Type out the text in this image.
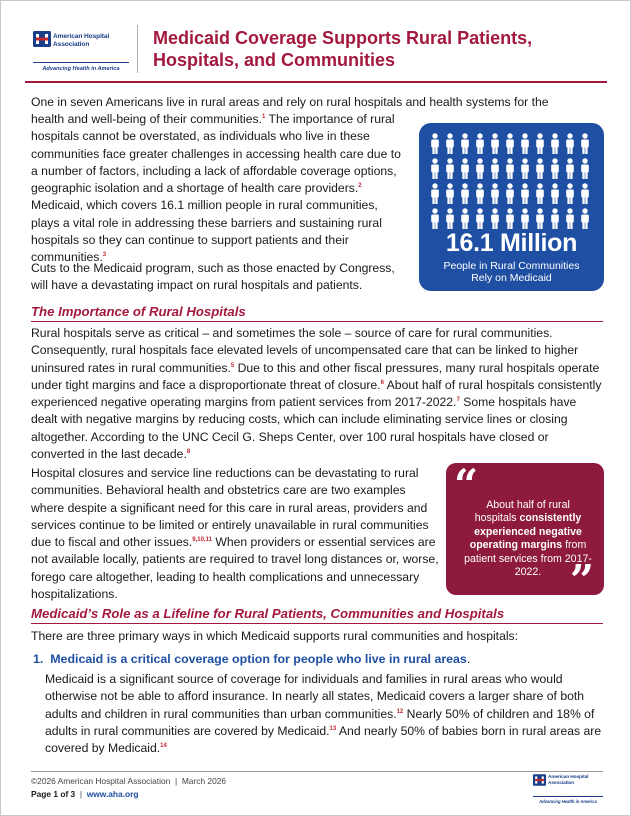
American Hospital
Association
Advancing Health in America
Medicaid Coverage Supports Rural Patients,
Hospitals, and Communities
One in seven Americans live in rural areas and rely on rural hospitals and health systems for the
health and well-being of their communities.$^1$ The importance of rural hospitals cannot be overstated, as individuals who live in these communities face greater challenges in accessing health care due to a number of factors, including a lack of affordable coverage options, geographic isolation and a shortage of health care providers.$^2$ Medicaid, which covers 16.1 million people in rural communities, plays a vital role in addressing these barriers and sustaining rural hospitals so they can continue to support patients and their communities.$^3$
Cuts to the Medicaid program, such as those enacted by Congress, will have a devastating impact on rural hospitals and patients.
16.1 Million
People in Rural Communities
Rely on Medicaid
The Importance of Rural Hospitals
Rural hospitals serve as critical – and sometimes the sole – source of care for rural communities. Consequently, rural hospitals face elevated levels of uncompensated care that can be linked to higher uninsured rates in rural communities.$^5$ Due to this and other fiscal pressures, many rural hospitals operate under tight margins and face a disproportionate threat of closure.$^6$ About half of rural hospitals consistently experienced negative operating margins from patient services from 2017-2022.$^7$ Some hospitals have dealt with negative margins by reducing costs, which can include eliminating service lines or closing altogether. According to the UNC Cecil G. Sheps Center, over 100 rural hospitals have closed or converted in the last decade.$^8$
Hospital closures and service line reductions can be devastating to rural communities. Behavioral health and obstetrics care are two examples where despite a significant need for this care in rural areas, providers and services continue to be limited or entirely unavailable in rural communities due to fiscal and other issues.$^{9,10,11}$ When providers or essential services are not available locally, patients are required to travel long distances or, worse, forego care altogether, leading to health complications and unnecessary hospitalizations.
“ About half of rural hospitals consistently experienced negative operating margins from patient services from 2017-2022. ”
Medicaid’s Role as a Lifeline for Rural Patients, Communities and Hospitals
There are three primary ways in which Medicaid supports rural communities and hospitals:
1. Medicaid is a critical coverage option for people who live in rural areas.
Medicaid is a significant source of coverage for individuals and families in rural areas who would otherwise not be able to afford insurance. In nearly all states, Medicaid covers a larger share of both adults and children in rural communities than urban communities.$^{12}$ Nearly 50% of children and 18% of adults in rural communities are covered by Medicaid.$^{13}$ And nearly 50% of babies born in rural areas are covered by Medicaid.$^{14}$
©2026 American Hospital Association | March 2026
Page 1 of 3 | www.aha.org
American Hospital
Association
Advancing Health in America
